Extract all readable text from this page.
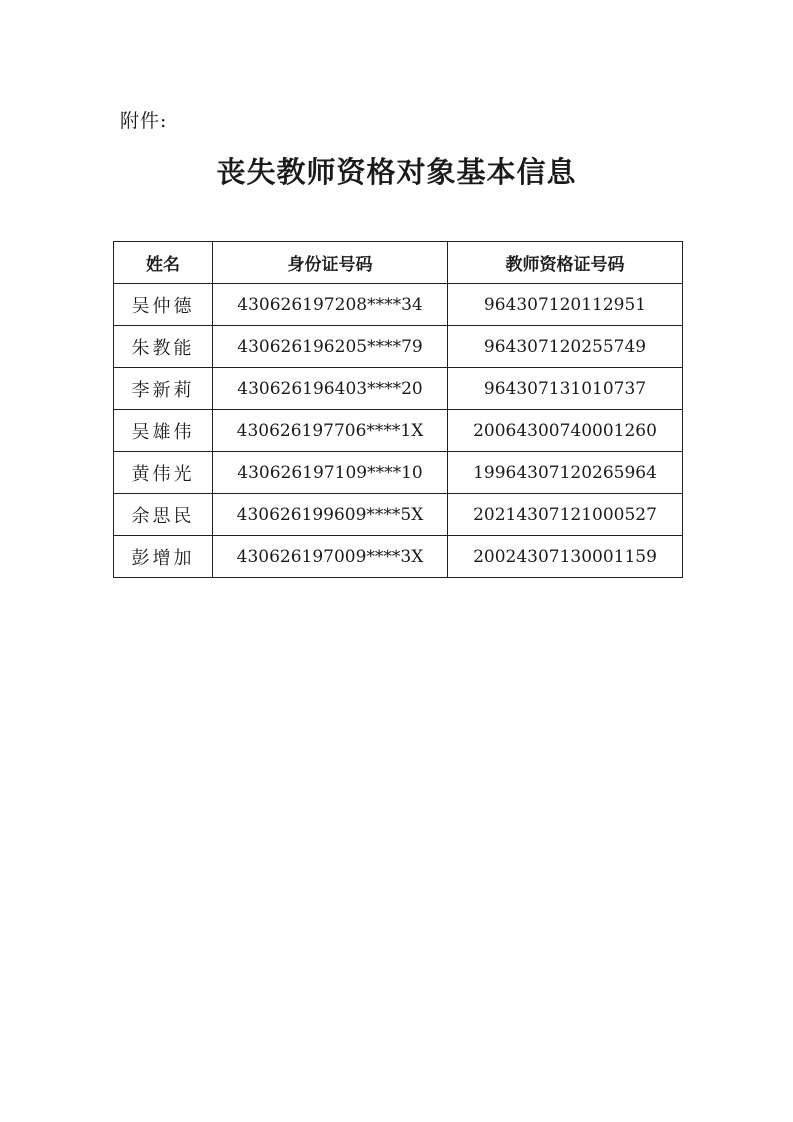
附件:
丧失教师资格对象基本信息
姓名	身份证号码	教师资格证号码
吴仲德	430626197208****34	964307120112951
朱教能	430626196205****79	964307120255749
李新莉	430626196403****20	964307131010737
吴雄伟	430626197706****1X	20064300740001260
黄伟光	430626197109****10	19964307120265964
余思民	430626199609****5X	20214307121000527
彭增加	430626197009****3X	20024307130001159
